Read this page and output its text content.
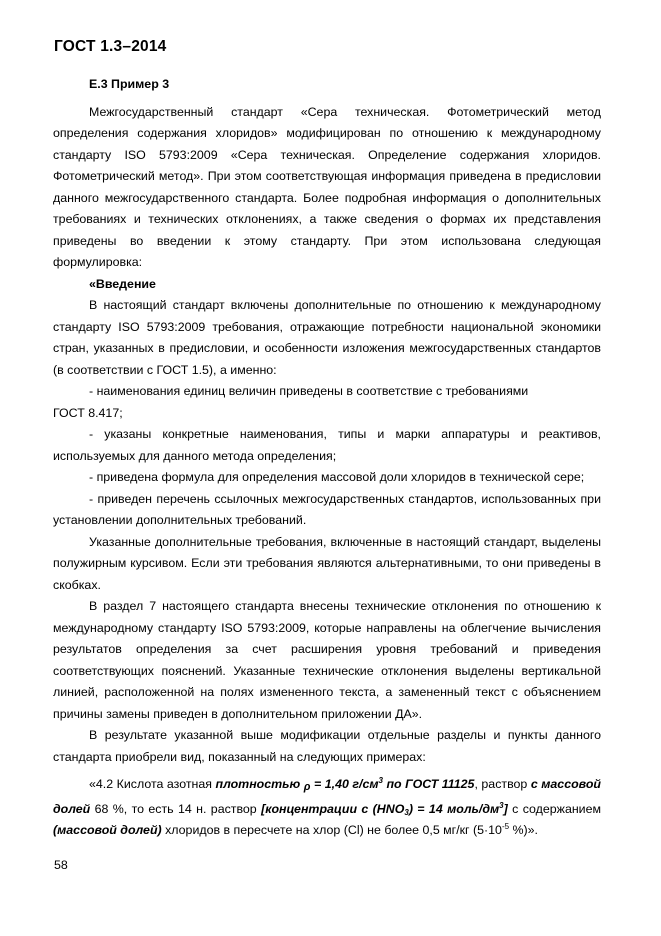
ГОСТ 1.3–2014

Е.3 Пример 3

Межгосударственный стандарт «Сера техническая. Фотометрический метод определения содержания хлоридов» модифицирован по отношению к международному стандарту ISO 5793:2009 «Сера техническая. Определение содержания хлоридов. Фотометрический метод». При этом соответствующая информация приведена в предисловии данного межгосударственного стандарта. Более подробная информация о дополнительных требованиях и технических отклонениях, а также сведения о формах их представления приведены во введении к этому стандарту. При этом использована следующая формулировка:

«Введение

В настоящий стандарт включены дополнительные по отношению к международному стандарту ISO 5793:2009 требования, отражающие потребности национальной экономики стран, указанных в предисловии, и особенности изложения межгосударственных стандартов (в соответствии с ГОСТ 1.5), а именно:

- наименования единиц величин приведены в соответствие с требованиями

ГОСТ 8.417;

- указаны конкретные наименования, типы и марки аппаратуры и реактивов, используемых для данного метода определения;

- приведена формула для определения массовой доли хлоридов в технической сере;

- приведен перечень ссылочных межгосударственных стандартов, использованных при установлении дополнительных требований.

Указанные дополнительные требования, включенные в настоящий стандарт, выделены полужирным курсивом. Если эти требования являются альтернативными, то они приведены в скобках.

В раздел 7 настоящего стандарта внесены технические отклонения по отношению к международному стандарту ISO 5793:2009, которые направлены на облегчение вычисления результатов определения за счет расширения уровня требований и приведения соответствующих пояснений. Указанные технические отклонения выделены вертикальной линией, расположенной на полях измененного текста, а замененный текст с объяснением причины замены приведен в дополнительном приложении ДА».

В результате указанной выше модификации отдельные разделы и пункты данного стандарта приобрели вид, показанный на следующих примерах:

«4.2 Кислота азотная плотностью ρ = 1,40 $г/см^3$ по ГОСТ 11125, раствор с массовой долей 68 %, то есть 14 н. раствор [концентрации с $(HNO_3) = 14$ моль/$дм^3$] с содержанием (массовой долей) хлоридов в пересчете на хлор (Cl) не более 0,5 мг/кг ($5\cdot 10^{-5}$ %)».

58
